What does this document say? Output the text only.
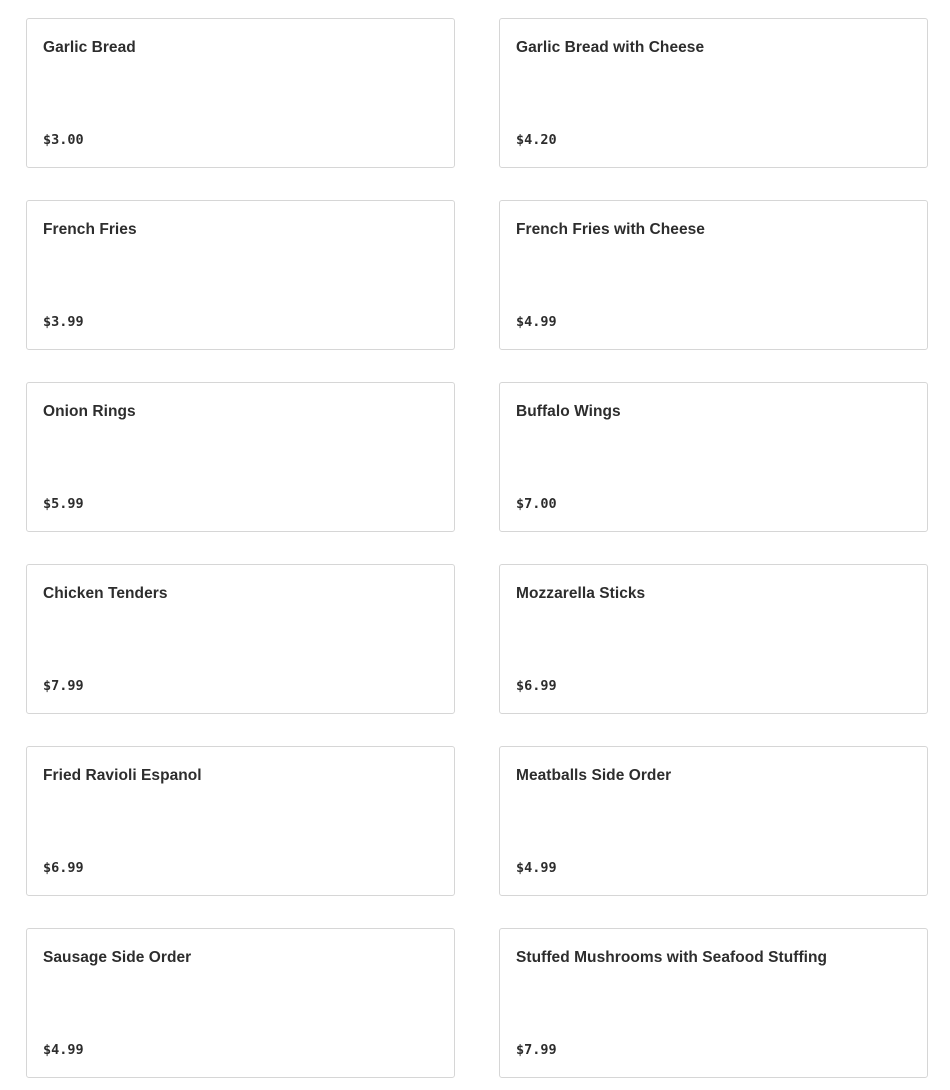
Garlic Bread
$3.00
Garlic Bread with Cheese
$4.20
French Fries
$3.99
French Fries with Cheese
$4.99
Onion Rings
$5.99
Buffalo Wings
$7.00
Chicken Tenders
$7.99
Mozzarella Sticks
$6.99
Fried Ravioli Espanol
$6.99
Meatballs Side Order
$4.99
Sausage Side Order
$4.99
Stuffed Mushrooms with Seafood Stuffing
$7.99
